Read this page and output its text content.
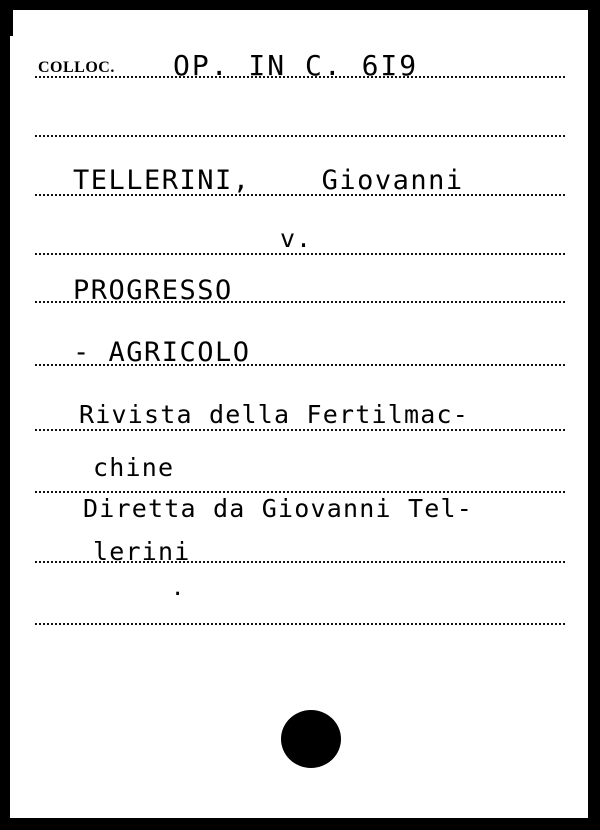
COLLOC. OP. IN C. 6I9
TELLERINI,    Giovanni
v.
PROGRESSO
- AGRICOLO
Rivista della Fertilmac-
chine
Diretta da Giovanni Tel-
lerini
.
